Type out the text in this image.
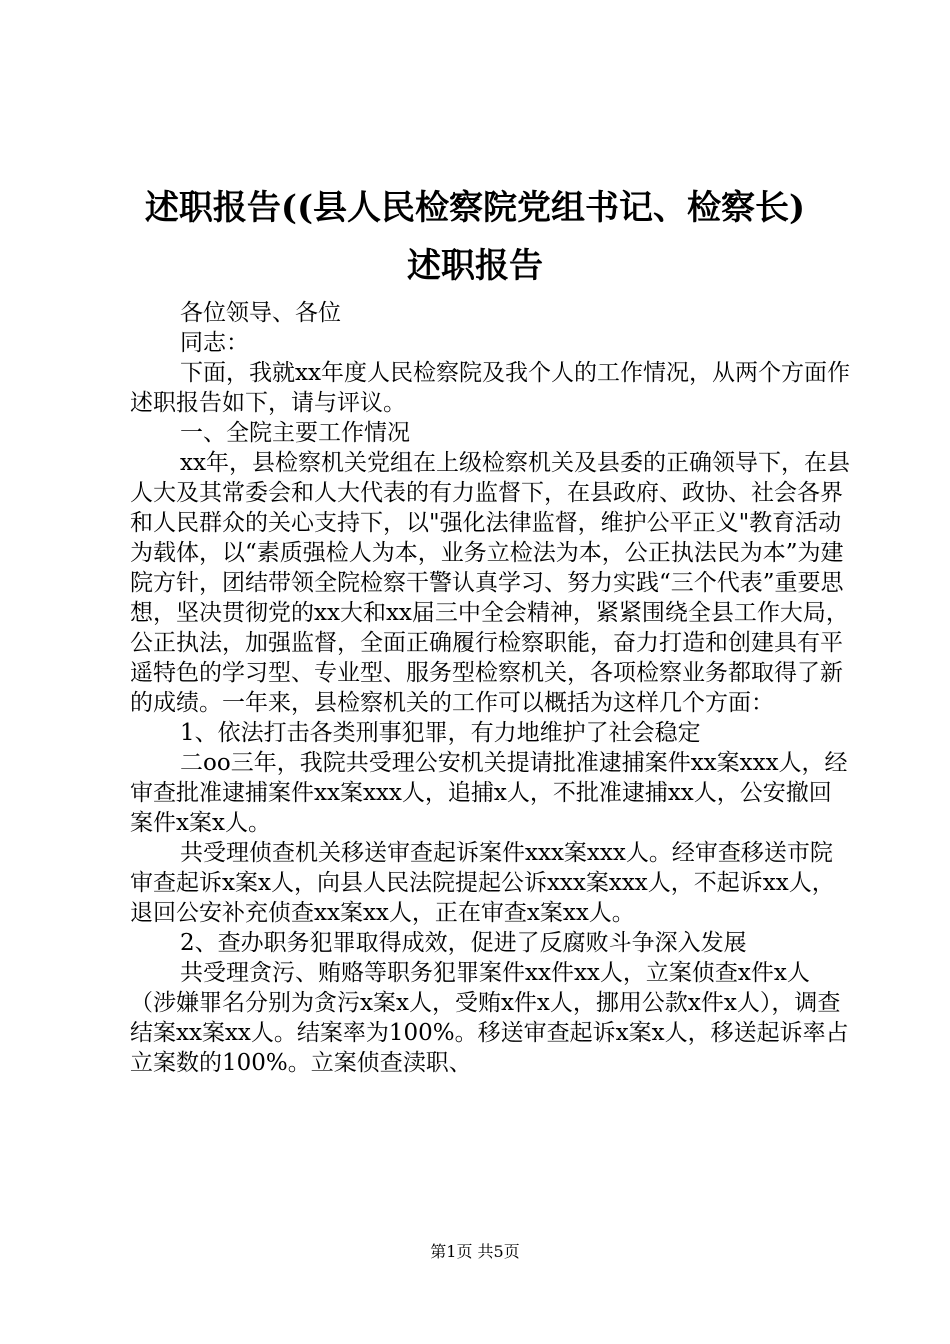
述职报告((县人民检察院党组书记、检察长)
述职报告

各位领导、各位

同志：

下面，我就xx年度人民检察院及我个人的工作情况，从两个方面作述职报告如下，请与评议。

一、全院主要工作情况

xx年，县检察机关党组在上级检察机关及县委的正确领导下，在县人大及其常委会和人大代表的有力监督下，在县政府、政协、社会各界和人民群众的关心支持下，以"强化法律监督，维护公平正义"教育活动为载体，以“素质强检人为本，业务立检法为本，公正执法民为本”为建院方针，团结带领全院检察干警认真学习、努力实践“三个代表”重要思想，坚决贯彻党的xx大和xx届三中全会精神，紧紧围绕全县工作大局，公正执法，加强监督，全面正确履行检察职能，奋力打造和创建具有平遥特色的学习型、专业型、服务型检察机关，各项检察业务都取得了新的成绩。一年来，县检察机关的工作可以概括为这样几个方面：

1、依法打击各类刑事犯罪，有力地维护了社会稳定

二oo三年，我院共受理公安机关提请批准逮捕案件xx案xxx人，经审查批准逮捕案件xx案xxx人，追捕x人，不批准逮捕xx人，公安撤回案件x案x人。

共受理侦查机关移送审查起诉案件xxx案xxx人。经审查移送市院审查起诉x案x人，向县人民法院提起公诉xxx案xxx人，不起诉xx人，退回公安补充侦查xx案xx人，正在审查x案xx人。

2、查办职务犯罪取得成效，促进了反腐败斗争深入发展

共受理贪污、贿赂等职务犯罪案件xx件xx人，立案侦查x件x人（涉嫌罪名分别为贪污x案x人，受贿x件x人，挪用公款x件x人），调查结案xx案xx人。结案率为100%。移送审查起诉x案x人，移送起诉率占立案数的100%。立案侦查渎职、

第1页 共5页
